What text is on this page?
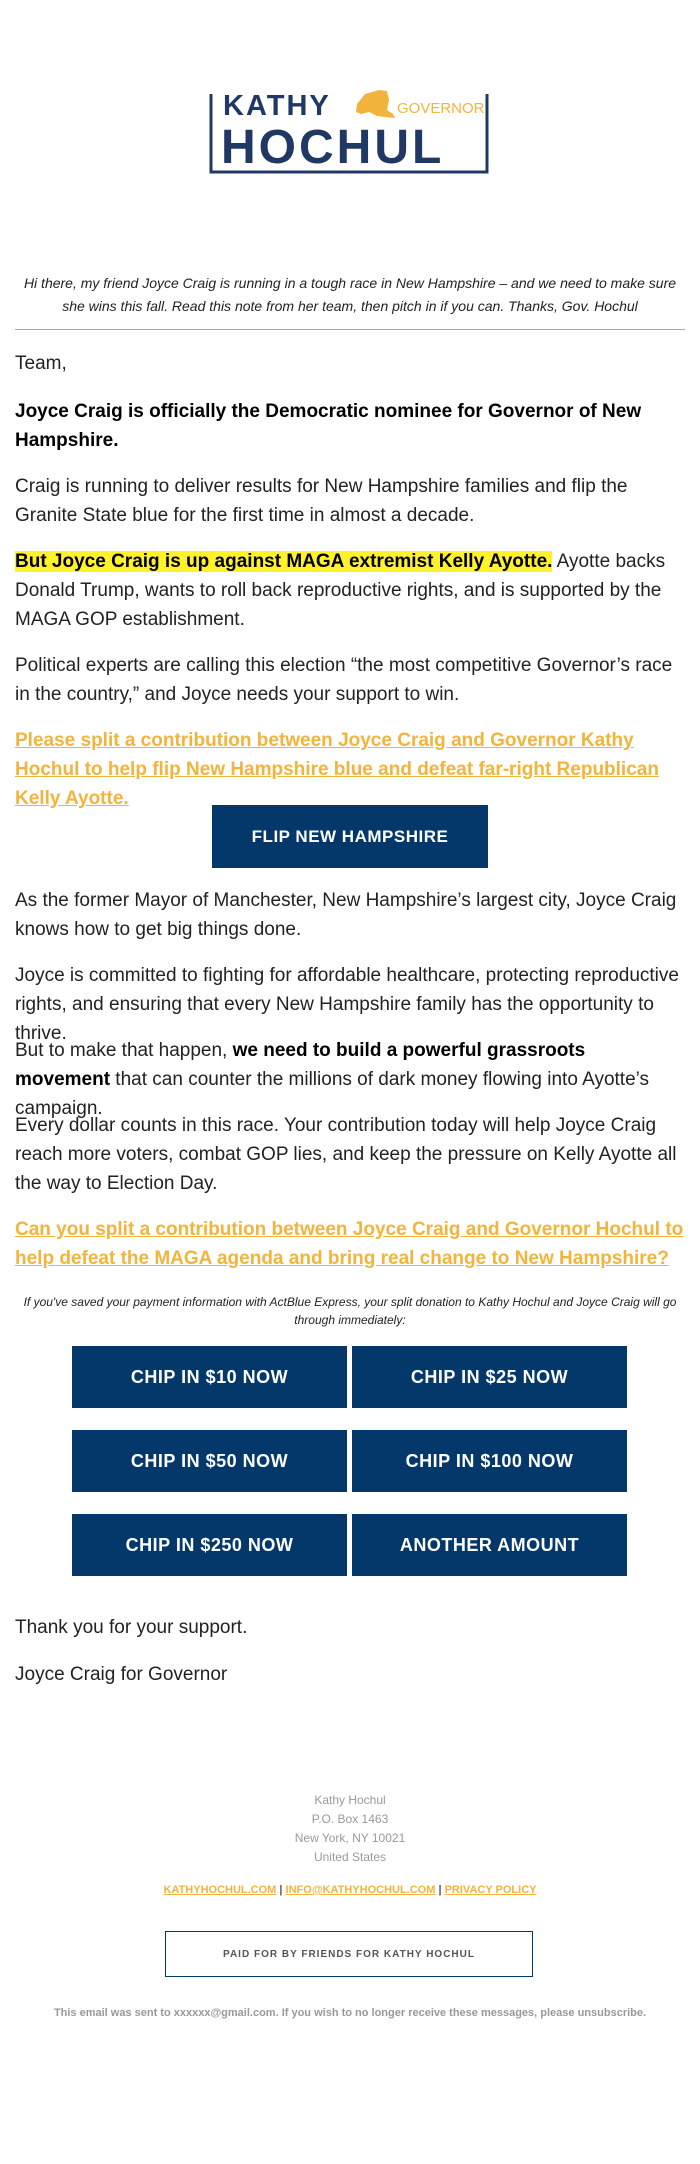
KATHY	GOVERNOR
HOCHUL
Hi there, my friend Joyce Craig is running in a tough race in New Hampshire – and we need to make sure she wins this fall. Read this note from her team, then pitch in if you can. Thanks, Gov. Hochul
Team,
Joyce Craig is officially the Democratic nominee for Governor of New Hampshire.
Craig is running to deliver results for New Hampshire families and flip the Granite State blue for the first time in almost a decade.
But Joyce Craig is up against MAGA extremist Kelly Ayotte. Ayotte backs Donald Trump, wants to roll back reproductive rights, and is supported by the MAGA GOP establishment.
Political experts are calling this election “the most competitive Governor’s race in the country,” and Joyce needs your support to win.
Please split a contribution between Joyce Craig and Governor Kathy Hochul to help flip New Hampshire blue and defeat far-right Republican Kelly Ayotte.
FLIP NEW HAMPSHIRE
As the former Mayor of Manchester, New Hampshire’s largest city, Joyce Craig knows how to get big things done.
Joyce is committed to fighting for affordable healthcare, protecting reproductive rights, and ensuring that every New Hampshire family has the opportunity to thrive.
But to make that happen, we need to build a powerful grassroots movement that can counter the millions of dark money flowing into Ayotte’s campaign.
Every dollar counts in this race. Your contribution today will help Joyce Craig reach more voters, combat GOP lies, and keep the pressure on Kelly Ayotte all the way to Election Day.
Can you split a contribution between Joyce Craig and Governor Hochul to help defeat the MAGA agenda and bring real change to New Hampshire?
If you've saved your payment information with ActBlue Express, your split donation to Kathy Hochul and Joyce Craig will go through immediately:
CHIP IN $10 NOW	CHIP IN $25 NOW
CHIP IN $50 NOW	CHIP IN $100 NOW
CHIP IN $250 NOW	ANOTHER AMOUNT
Thank you for your support.
Joyce Craig for Governor
Kathy Hochul
P.O. Box 1463
New York, NY 10021
United States
KATHYHOCHUL.COM | INFO@KATHYHOCHUL.COM | PRIVACY POLICY
PAID FOR BY FRIENDS FOR KATHY HOCHUL
This email was sent to xxxxxx@gmail.com. If you wish to no longer receive these messages, please unsubscribe.
